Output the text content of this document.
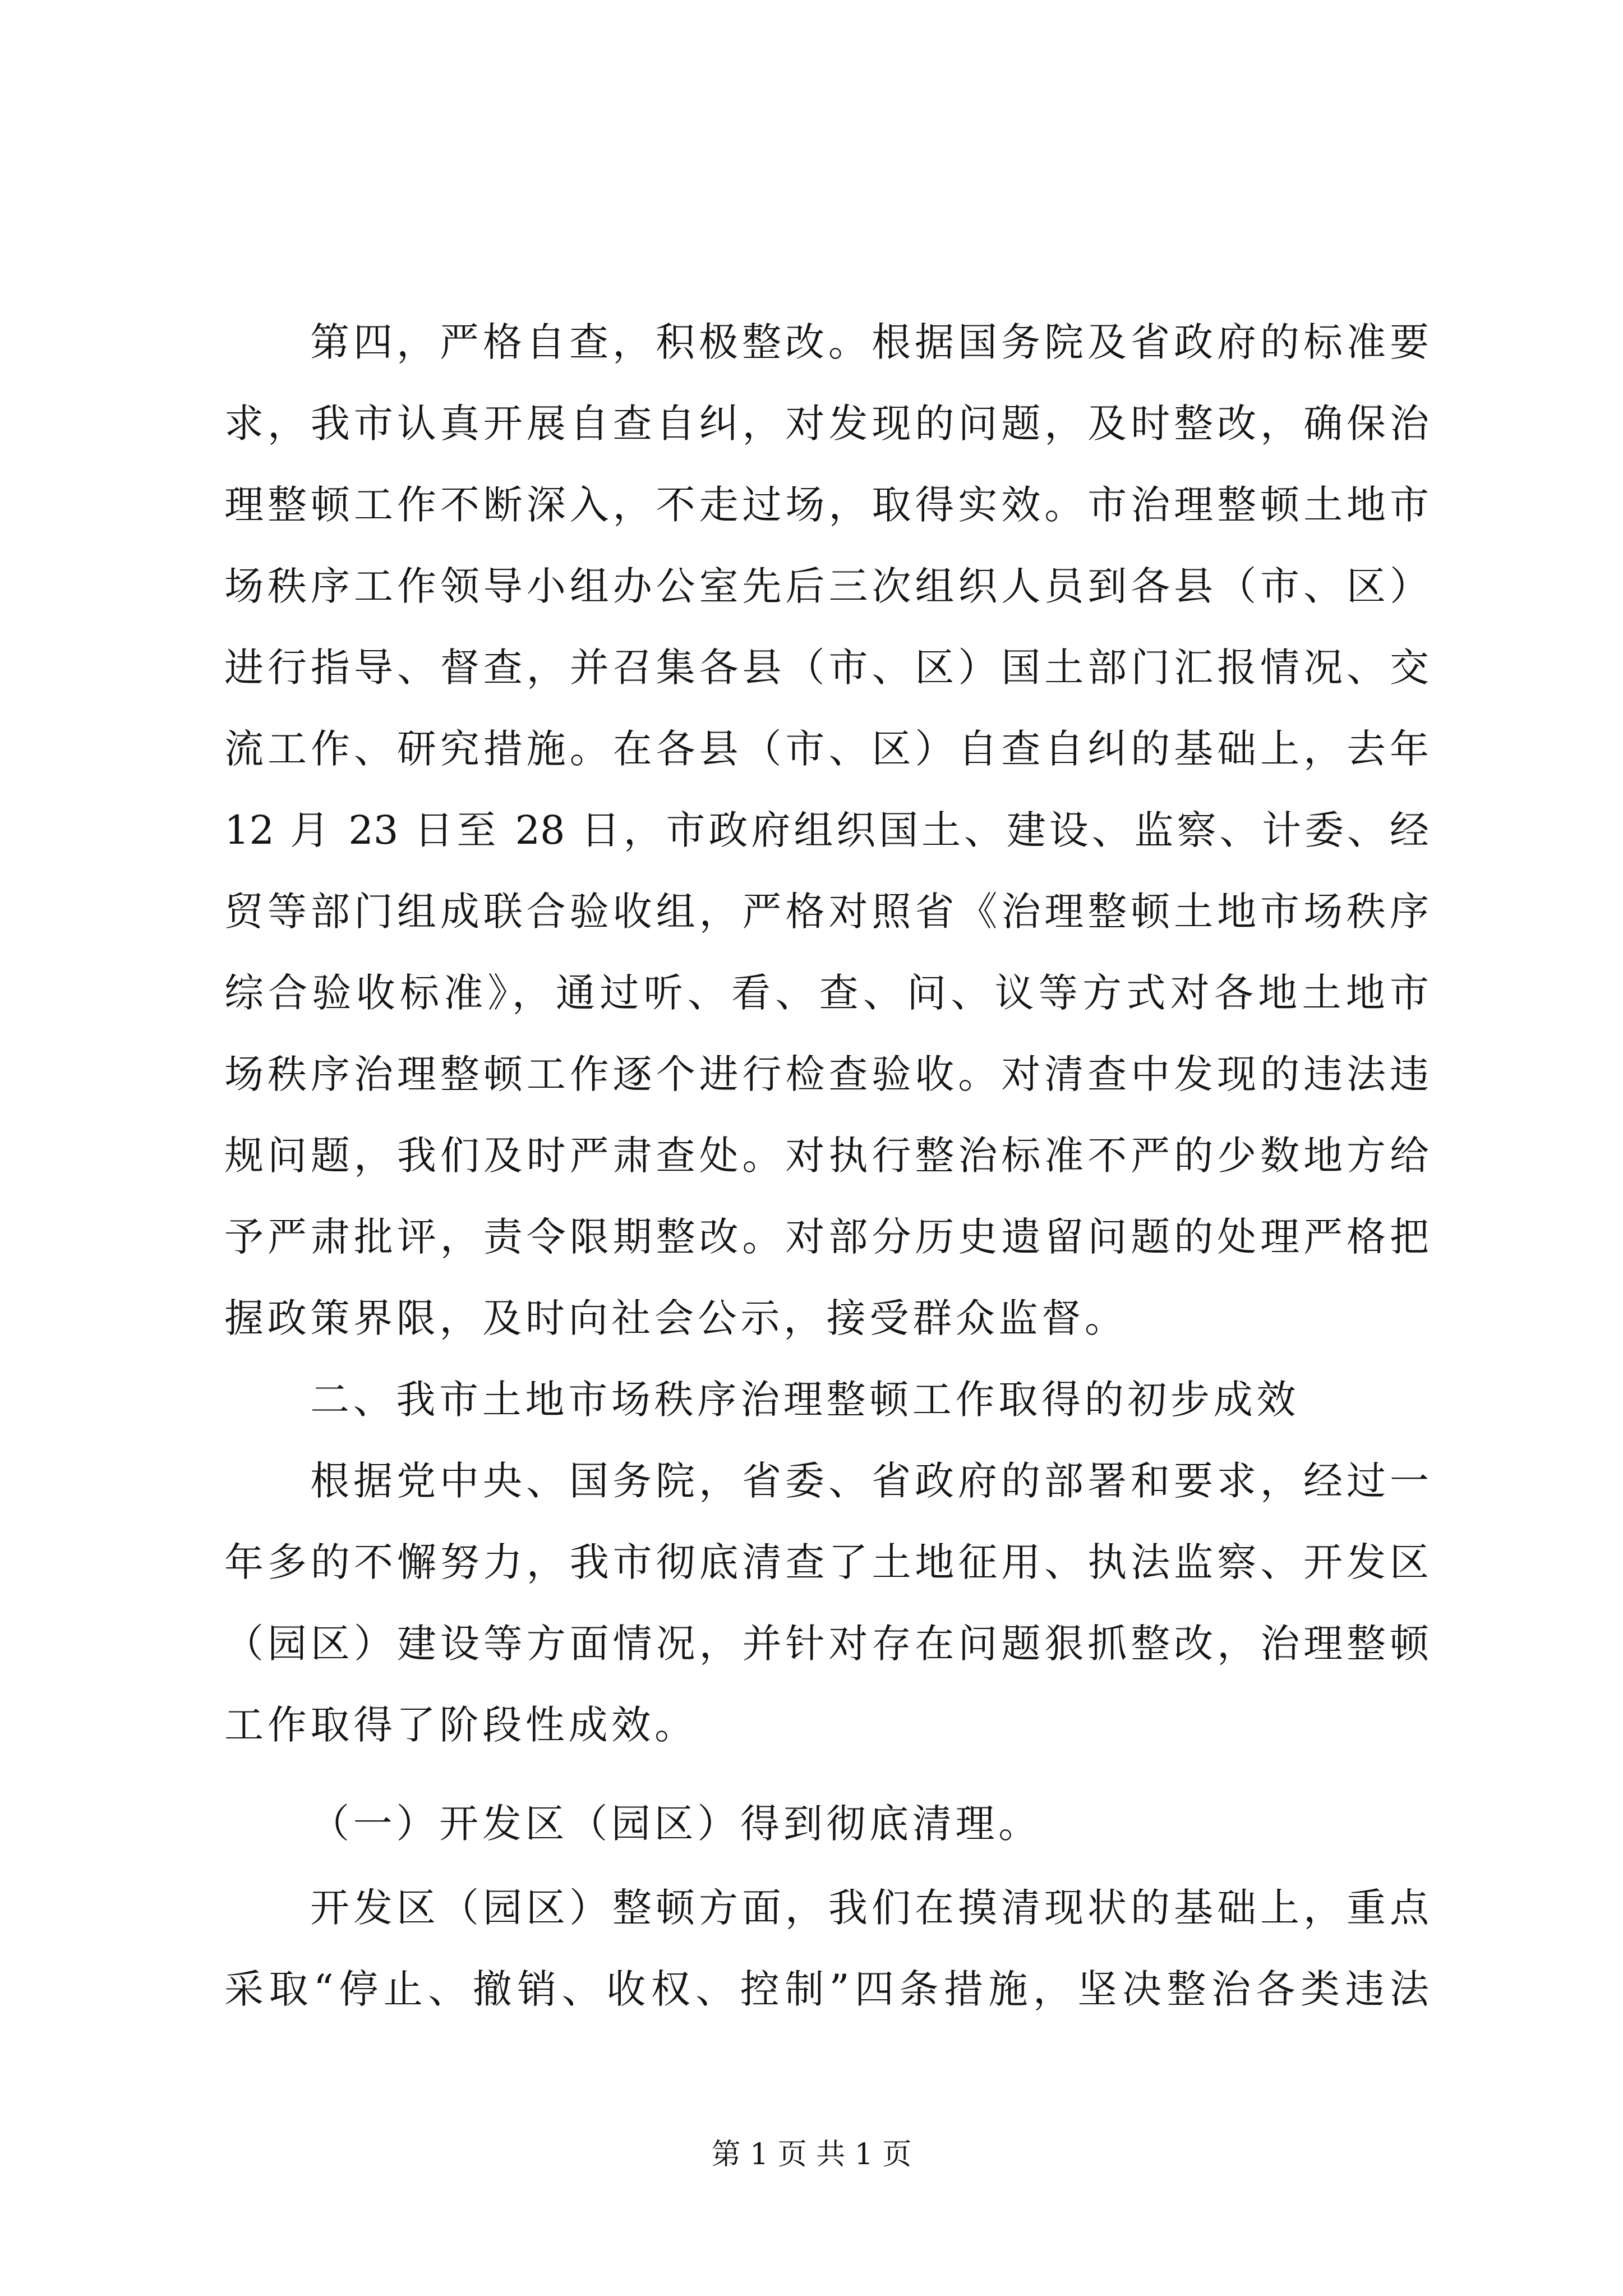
第四，严格自查，积极整改。根据国务院及省政府的标准要
求，我市认真开展自查自纠，对发现的问题，及时整改，确保治
理整顿工作不断深入，不走过场，取得实效。市治理整顿土地市
场秩序工作领导小组办公室先后三次组织人员到各县（市、区）
进行指导、督查，并召集各县（市、区）国土部门汇报情况、交
流工作、研究措施。在各县（市、区）自查自纠的基础上，去年
12 月 23 日至 28 日，市政府组织国土、建设、监察、计委、经
贸等部门组成联合验收组，严格对照省《治理整顿土地市场秩序
综合验收标准》，通过听、看、查、问、议等方式对各地土地市
场秩序治理整顿工作逐个进行检查验收。对清查中发现的违法违
规问题，我们及时严肃查处。对执行整治标准不严的少数地方给
予严肃批评，责令限期整改。对部分历史遗留问题的处理严格把
握政策界限，及时向社会公示，接受群众监督。
二、我市土地市场秩序治理整顿工作取得的初步成效
根据党中央、国务院，省委、省政府的部署和要求，经过一
年多的不懈努力，我市彻底清查了土地征用、执法监察、开发区
（园区）建设等方面情况，并针对存在问题狠抓整改，治理整顿
工作取得了阶段性成效。
（一）开发区（园区）得到彻底清理。
开发区（园区）整顿方面，我们在摸清现状的基础上，重点
采取“停止、撤销、收权、控制”四条措施，坚决整治各类违法
第 1 页 共 1 页
